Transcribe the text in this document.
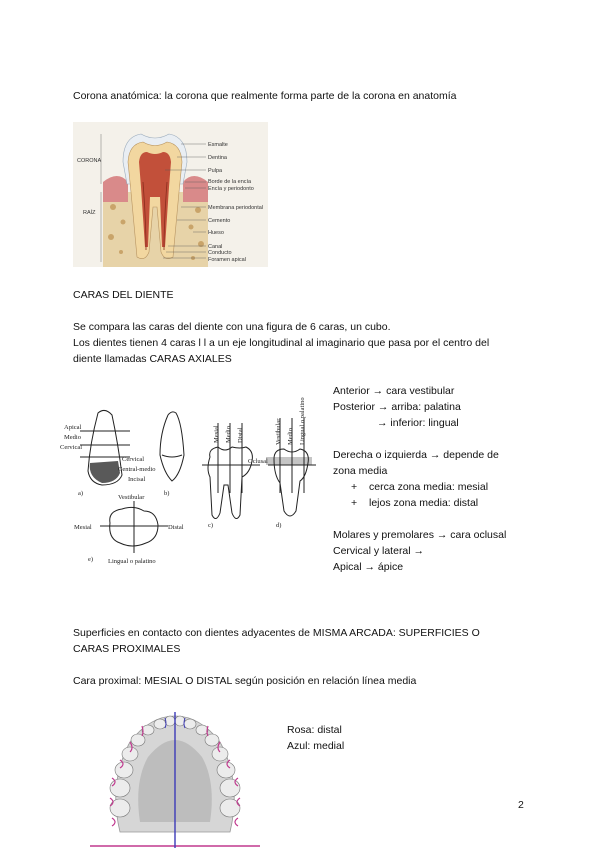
Corona anatómica: la corona que realmente forma parte de la corona en anatomía
CORONA
RAÍZ
Esmalte
Dentina
Pulpa
Borde de la encía
Encía y periodonto
Membrana periodontal
Cemento
Hueso
Canal
Conducto
Foramen apical
CARAS DEL DIENTE
Se compara las caras del diente con una figura de 6 caras, un cubo.
Los dientes tienen 4 caras l l a un eje longitudinal al imaginario que pasa por el centro del
diente llamadas CARAS AXIALES
Apical
Medio
Cervical
Cervical
Central-medio
Incisal
Mesial Medio Distal	Vestibular Medio Lingual o palatino
Oclusal
Vestibular
Mesial	Distal
Lingual o palatino
a)	b)
c)	d)
e)
Anterior → cara vestibular
Posterior → arriba: palatina
→ inferior: lingual
Derecha o izquierda → depende de
zona media
+ cerca zona media: mesial
+ lejos zona media: distal
Molares y premolares → cara oclusal
Cervical y lateral →
Apical → ápice
Superficies en contacto con dientes adyacentes de MISMA ARCADA: SUPERFICIES O
CARAS PROXIMALES
Cara proximal: MESIAL O DISTAL según posición en relación línea media
Rosa: distal
Azul: medial
2
